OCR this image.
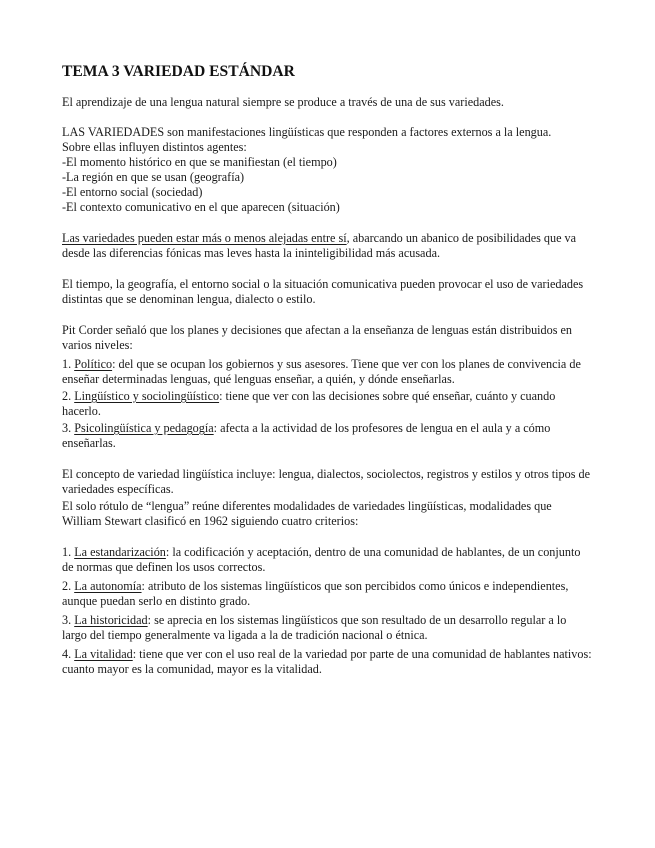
TEMA 3 VARIEDAD ESTÁNDAR

El aprendizaje de una lengua natural siempre se produce a través de una de sus variedades.

LAS VARIEDADES son manifestaciones lingüísticas que responden a factores externos a la lengua.

Sobre ellas influyen distintos agentes:

-El momento histórico en que se manifiestan (el tiempo)

-La región en que se usan (geografía)

-El entorno social (sociedad)

-El contexto comunicativo en el que aparecen (situación)

Las variedades pueden estar más o menos alejadas entre sí, abarcando un abanico de posibilidades que va desde las diferencias fónicas mas leves hasta la ininteligibilidad más acusada.

El tiempo, la geografía, el entorno social o la situación comunicativa pueden provocar el uso de variedades distintas que se denominan lengua, dialecto o estilo.

Pit Corder señaló que los planes y decisiones que afectan a la enseñanza de lenguas están distribuidos en varios niveles:

1. Político: del que se ocupan los gobiernos y sus asesores. Tiene que ver con los planes de convivencia de enseñar determinadas lenguas, qué lenguas enseñar, a quién, y dónde enseñarlas.

2. Lingüístico y sociolingüístico: tiene que ver con las decisiones sobre qué enseñar, cuánto y cuando hacerlo.

3. Psicolingüística y pedagogía: afecta a la actividad de los profesores de lengua en el aula y a cómo enseñarlas.

El concepto de variedad lingüística incluye: lengua, dialectos, sociolectos, registros y estilos y otros tipos de variedades específicas.

El solo rótulo de “lengua” reúne diferentes modalidades de variedades lingüísticas, modalidades que William Stewart clasificó en 1962 siguiendo cuatro criterios:

1. La estandarización: la codificación y aceptación, dentro de una comunidad de hablantes, de un conjunto de normas que definen los usos correctos.

2. La autonomía: atributo de los sistemas lingüísticos que son percibidos como únicos e independientes, aunque puedan serlo en distinto grado.

3. La historicidad: se aprecia en los sistemas lingüísticos que son resultado de un desarrollo regular a lo largo del tiempo generalmente va ligada a la de tradición nacional o étnica.

4. La vitalidad: tiene que ver con el uso real de la variedad por parte de una comunidad de hablantes nativos: cuanto mayor es la comunidad, mayor es la vitalidad.
